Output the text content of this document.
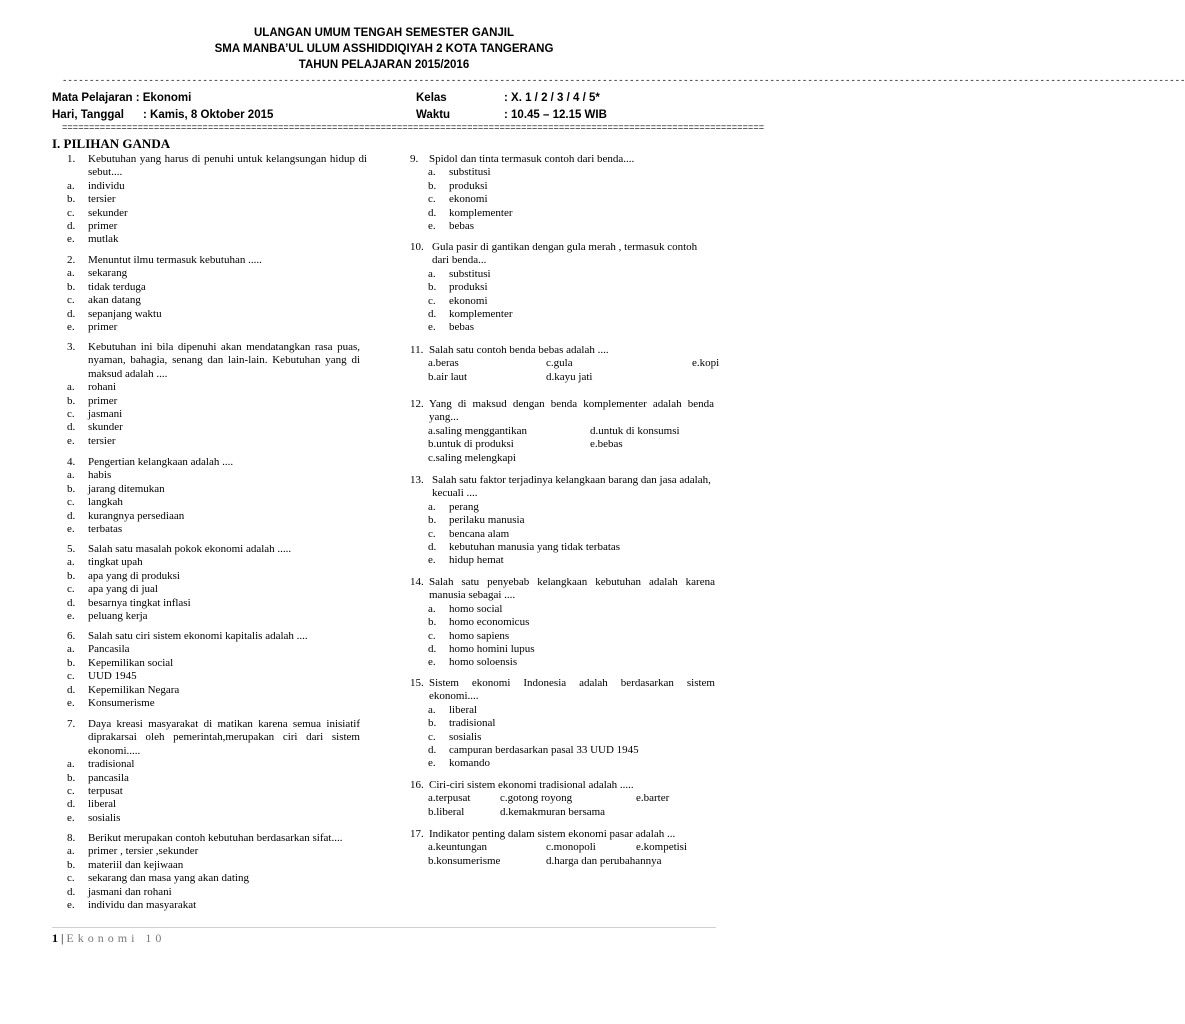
ULANGAN UMUM TENGAH SEMESTER GANJIL
SMA MANBA’UL ULUM ASSHIDDIQIYAH 2 KOTA TANGERANG
TAHUN PELAJARAN 2015/2016
----------------------------------------------------------------------------------------------------------------------------------------------------------------------------------------------------------------
Mata Pelajaran : Ekonomi
Hari, Tanggal : Kamis, 8 Oktober 2015
Kelas	: X. 1 / 2 / 3 / 4 / 5*
Waktu	: 10.45 – 12.15 WIB
==================================================================================================================================
I. PILIHAN GANDA
1.	Kebutuhan yang harus di penuhi untuk kelangsungan hidup di sebut....
a. individu
b. tersier
c. sekunder
d. primer
e. mutlak
2.	Menuntut ilmu termasuk kebutuhan .....
a. sekarang
b. tidak terduga
c. akan datang
d. sepanjang waktu
e. primer
3.	Kebutuhan ini bila dipenuhi akan mendatangkan rasa puas, nyaman, bahagia, senang dan lain-lain. Kebutuhan yang di maksud adalah ....
a. rohani
b. primer
c. jasmani
d. skunder
e. tersier
4.	Pengertian kelangkaan adalah ....
a. habis
b. jarang ditemukan
c. langkah
d. kurangnya persediaan
e. terbatas
5.	Salah satu masalah pokok ekonomi adalah .....
a. tingkat upah
b. apa yang di produksi
c. apa yang di jual
d. besarnya tingkat inflasi
e. peluang kerja
6.	Salah satu ciri sistem ekonomi kapitalis adalah ....
a. Pancasila
b. Kepemilikan social
c. UUD 1945
d. Kepemilikan Negara
e. Konsumerisme
7.	Daya kreasi masyarakat di matikan karena semua inisiatif diprakarsai oleh pemerintah,merupakan ciri dari sistem ekonomi.....
a. tradisional
b. pancasila
c. terpusat
d. liberal
e. sosialis
8.	Berikut merupakan contoh kebutuhan berdasarkan sifat....
a. primer , tersier ,sekunder
b. materiil dan kejiwaan
c. sekarang dan masa yang akan dating
d. jasmani dan rohani
e. individu dan masyarakat
9. Spidol dan tinta termasuk contoh dari benda....
a. substitusi
b. produksi
c. ekonomi
d. komplementer
e. bebas
10. Gula pasir di gantikan dengan gula merah , termasuk contoh dari benda...
a. substitusi
b. produksi
c. ekonomi
d. komplementer
e. bebas
11. Salah satu contoh benda bebas adalah ....
a.beras	c.gula	e.kopi
b.air laut	d.kayu jati
12. Yang di maksud dengan benda komplementer adalah benda yang...
a.saling menggantikan	d.untuk di konsumsi
b.untuk di produksi	e.bebas
c.saling melengkapi
13. Salah satu faktor terjadinya kelangkaan barang dan jasa adalah, kecuali ....
a. perang
b. perilaku manusia
c. bencana alam
d. kebutuhan manusia yang tidak terbatas
e. hidup hemat
14. Salah satu penyebab kelangkaan kebutuhan adalah karena manusia sebagai ....
a. homo social
b. homo economicus
c. homo sapiens
d. homo homini lupus
e. homo soloensis
15. Sistem ekonomi Indonesia adalah berdasarkan sistem ekonomi....
a. liberal
b. tradisional
c. sosialis
d. campuran berdasarkan pasal 33 UUD 1945
e. komando
16. Ciri-ciri sistem ekonomi tradisional adalah .....
a.terpusat	c.gotong royong	e.barter
b.liberal	d.kemakmuran bersama
17. Indikator penting dalam sistem ekonomi pasar adalah ...
a.keuntungan	c.monopoli	e.kompetisi
b.konsumerisme	d.harga dan perubahannya
1 | Ekonomi 10
